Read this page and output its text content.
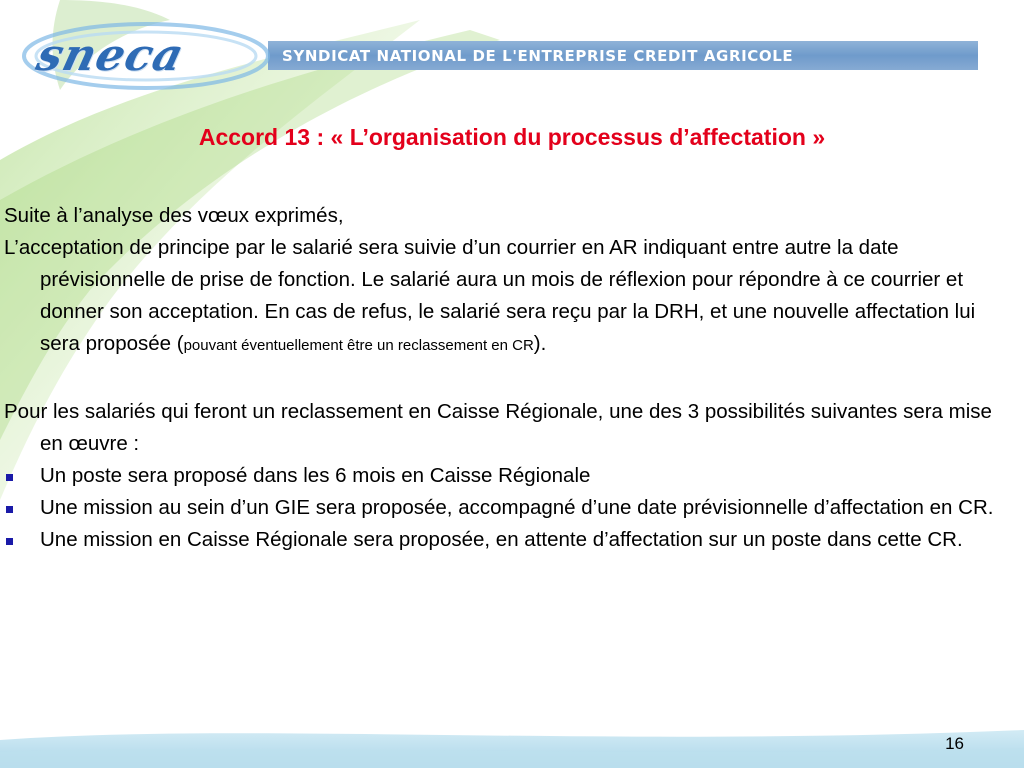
sneca	SYNDICAT NATIONAL DE L'ENTREPRISE CREDIT AGRICOLE
Accord 13 : « L’organisation du processus d’affectation »

Suite à l’analyse des vœux exprimés,

L’acceptation de principe par le salarié sera suivie d’un courrier en AR indiquant entre autre la date prévisionnelle de prise de fonction. Le salarié aura un mois de réflexion pour répondre à ce courrier et donner son acceptation. En cas de refus, le salarié sera reçu par la DRH, et une nouvelle affectation lui sera proposée (pouvant éventuellement être un reclassement en CR).

Pour les salariés qui feront un reclassement en Caisse Régionale, une des 3 possibilités suivantes sera mise en œuvre :

Un poste sera proposé dans les 6 mois en Caisse Régionale
Une mission au sein d’un GIE sera proposée, accompagné d’une date prévisionnelle d’affectation en CR.
Une mission en Caisse Régionale sera proposée, en attente d’affectation sur un poste dans cette CR.
16
